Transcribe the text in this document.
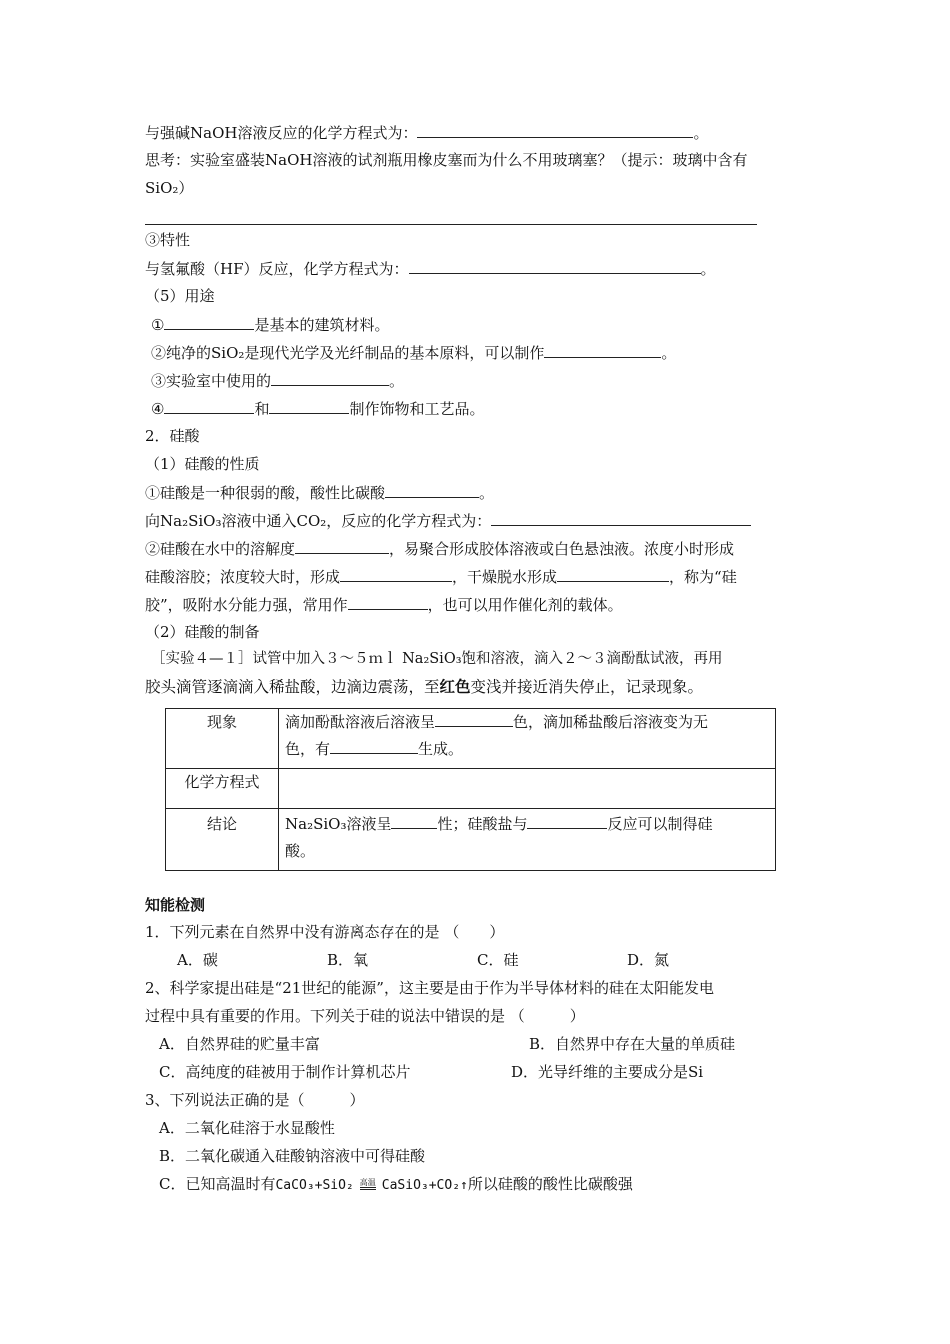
与强碱NaOH溶液反应的化学方程式为：	。
思考：实验室盛装NaOH溶液的试剂瓶用橡皮塞而为什么不用玻璃塞？（提示：玻璃中含有
SiO₂）
③特性
与氢氟酸（HF）反应，化学方程式为：	。
（5）用途
①	是基本的建筑材料。
②纯净的SiO₂是现代光学及光纤制品的基本原料，可以制作	。
③实验室中使用的	。
④	和	制作饰物和工艺品。
2．硅酸
（1）硅酸的性质
①硅酸是一种很弱的酸，酸性比碳酸	。
向Na₂SiO₃溶液中通入CO₂，反应的化学方程式为：
②硅酸在水中的溶解度	，易聚合形成胶体溶液或白色悬浊液。浓度小时形成
硅酸溶胶；浓度较大时，形成	，干燥脱水形成	，称为“硅
胶”，吸附水分能力强，常用作	，也可以用作催化剂的载体。
（2）硅酸的制备
［实验４—１］试管中加入３～５ｍｌ Na₂SiO₃饱和溶液，滴入２～３滴酚酞试液，再用
胶头滴管逐滴滴入稀盐酸，边滴边震荡，至红色变浅并接近消失停止，记录现象。
现象	滴加酚酞溶液后溶液呈 色，滴加稀盐酸后溶液变为无
色，有 生成。
化学方程式	
结论	Na₂SiO₃溶液呈 性；硅酸盐与 反应可以制得硅
酸。
知能检测
1．下列元素在自然界中没有游离态存在的是 （　　）
A．碳	B．氧	C．硅	D．氮
2、科学家提出硅是“21世纪的能源”，这主要是由于作为半导体材料的硅在太阳能发电
过程中具有重要的作用。下列关于硅的说法中错误的是 （　　　）
A．自然界硅的贮量丰富	B．自然界中存在大量的单质硅
C．高纯度的硅被用于制作计算机芯片	D．光导纤维的主要成分是Si
3、下列说法正确的是（　　　）
A．二氧化硅溶于水显酸性
B．二氧化碳通入硅酸钠溶液中可得硅酸
C．已知高温时有CaCO₃+SiO₂ 高温 CaSiO₃+CO₂↑所以硅酸的酸性比碳酸强
